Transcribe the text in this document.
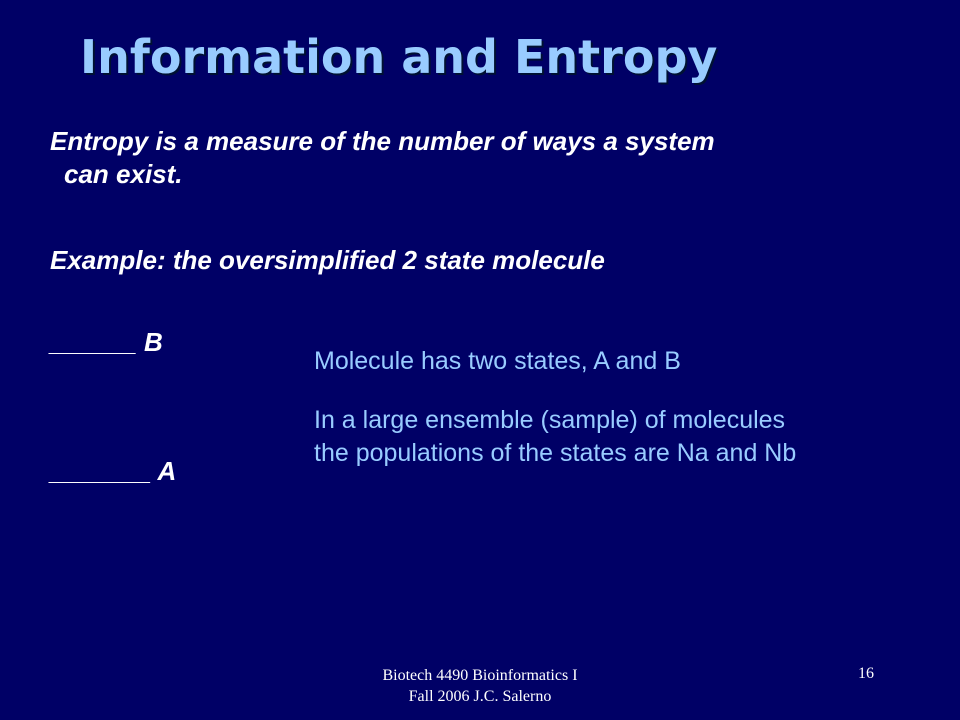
Information and Entropy
Entropy is a measure of the number of ways a system
can exist.
Example: the oversimplified 2 state molecule
______ B
_______ A
Molecule has two states, A and B
In a large ensemble (sample) of molecules the populations of the states are Na and Nb
Biotech 4490 Bioinformatics I
Fall 2006 J.C. Salerno
16
